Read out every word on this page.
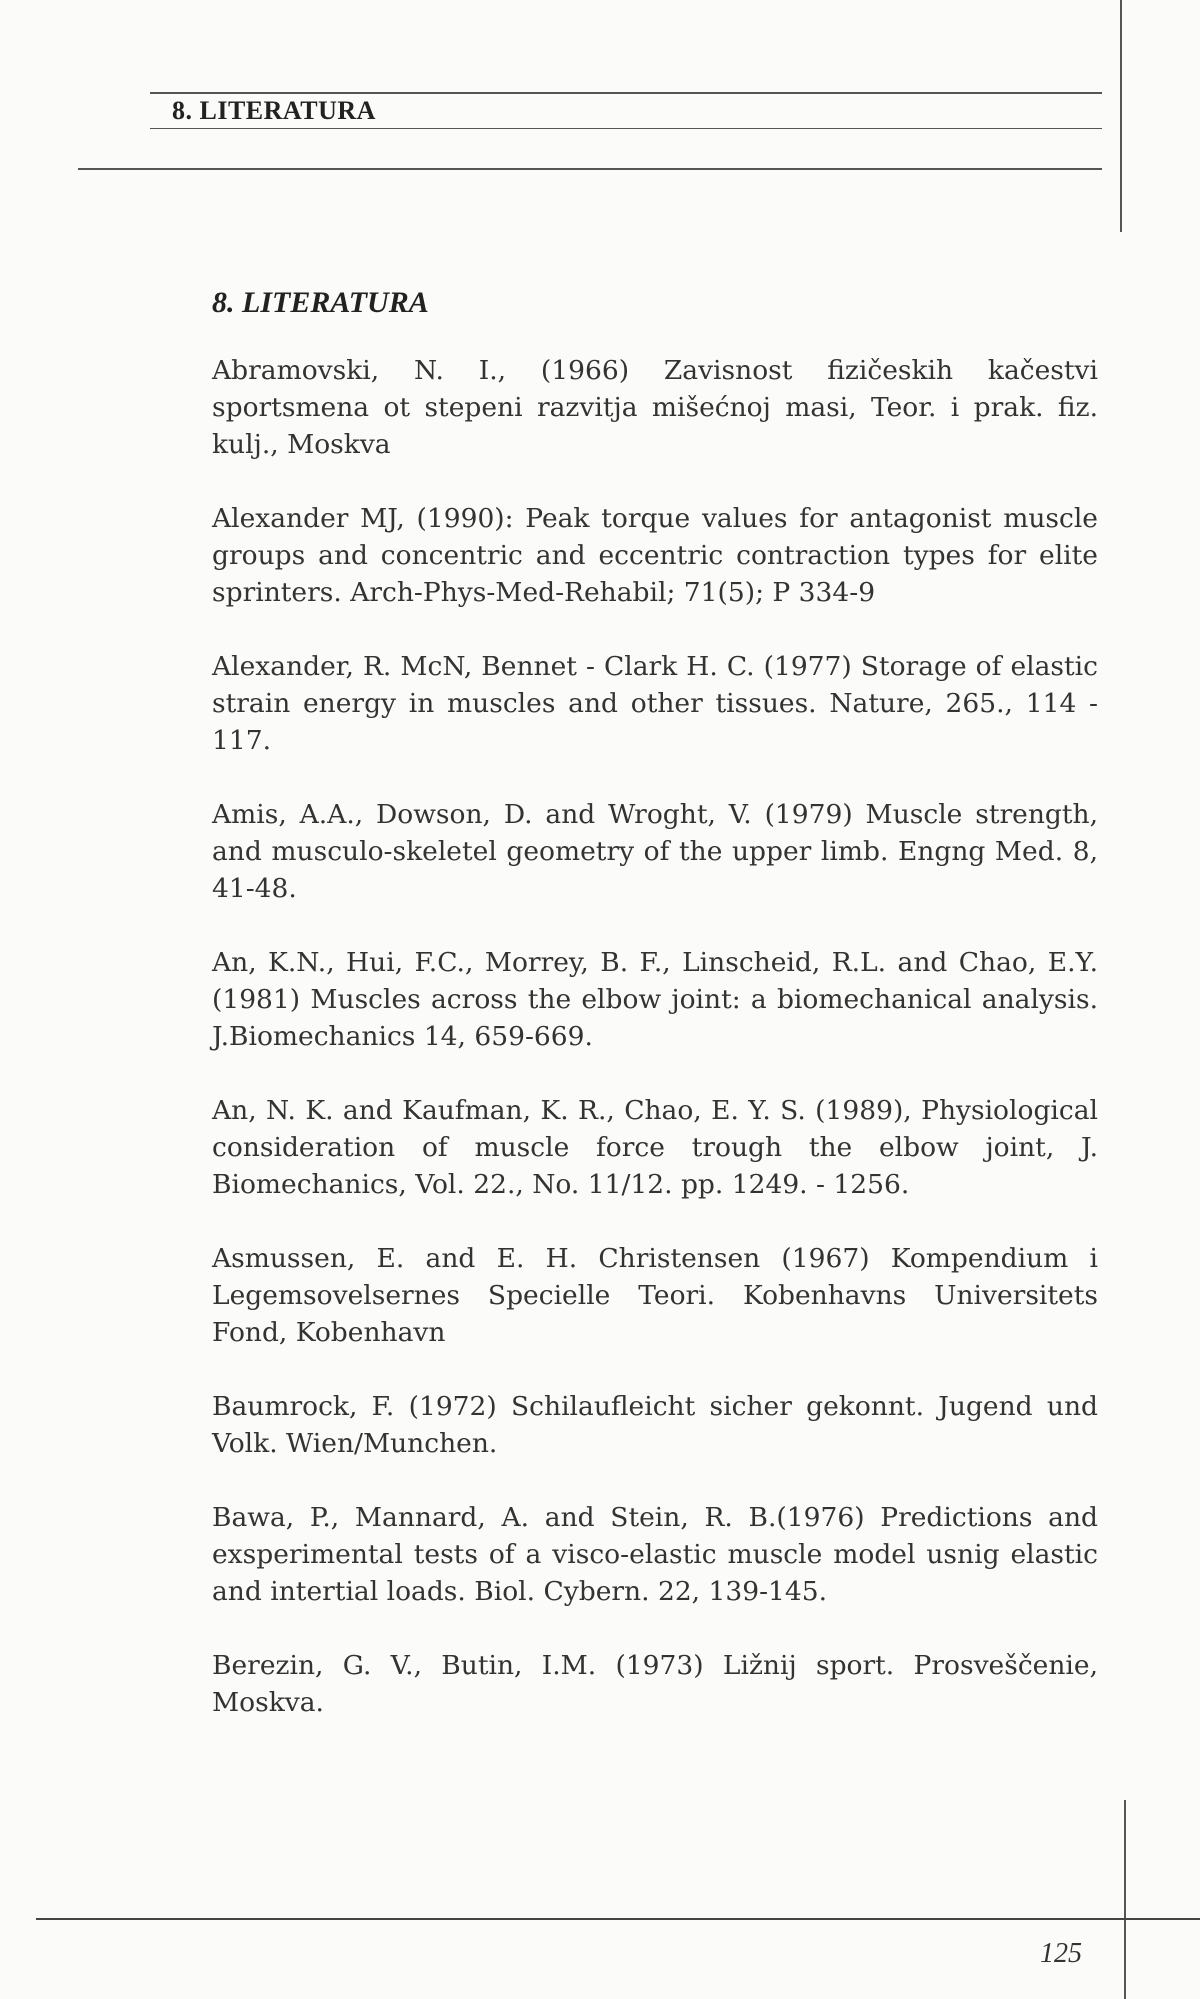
8. LITERATURA
8. LITERATURA

Abramovski, N. I., (1966) Zavisnost fizičeskih kačestvi sportsmena ot stepeni razvitja mišećnoj masi, Teor. i prak. fiz. kulj., Moskva

Alexander MJ, (1990): Peak torque values for antagonist muscle groups and concentric and eccentric contraction types for elite sprinters. Arch-Phys-Med-Rehabil; 71(5); P 334-9

Alexander, R. McN, Bennet - Clark H. C. (1977) Storage of elastic strain energy in muscles and other tissues. Nature, 265., 114 - 117.

Amis, A.A., Dowson, D. and Wroght, V. (1979) Muscle strength, and musculo-skeletel geometry of the upper limb. Engng Med. 8, 41-48.

An, K.N., Hui, F.C., Morrey, B. F., Linscheid, R.L. and Chao, E.Y. (1981) Muscles across the elbow joint: a biomechanical analysis. J.Biomechanics 14, 659-669.

An, N. K. and Kaufman, K. R., Chao, E. Y. S. (1989), Physiological consideration of muscle force trough the elbow joint, J. Biomechanics, Vol. 22., No. 11/12. pp. 1249. - 1256.

Asmussen, E. and E. H. Christensen (1967) Kompendium i Legemsovelsernes Specielle Teori. Kobenhavns Universitets Fond, Kobenhavn

Baumrock, F. (1972) Schilaufleicht sicher gekonnt. Jugend und Volk. Wien/Munchen.

Bawa, P., Mannard, A. and Stein, R. B.(1976) Predictions and exsperimental tests of a visco-elastic muscle model usnig elastic and intertial loads. Biol. Cybern. 22, 139-145.

Berezin, G. V., Butin, I.M. (1973) Ližnij sport. Prosveščenie, Moskva.

125
